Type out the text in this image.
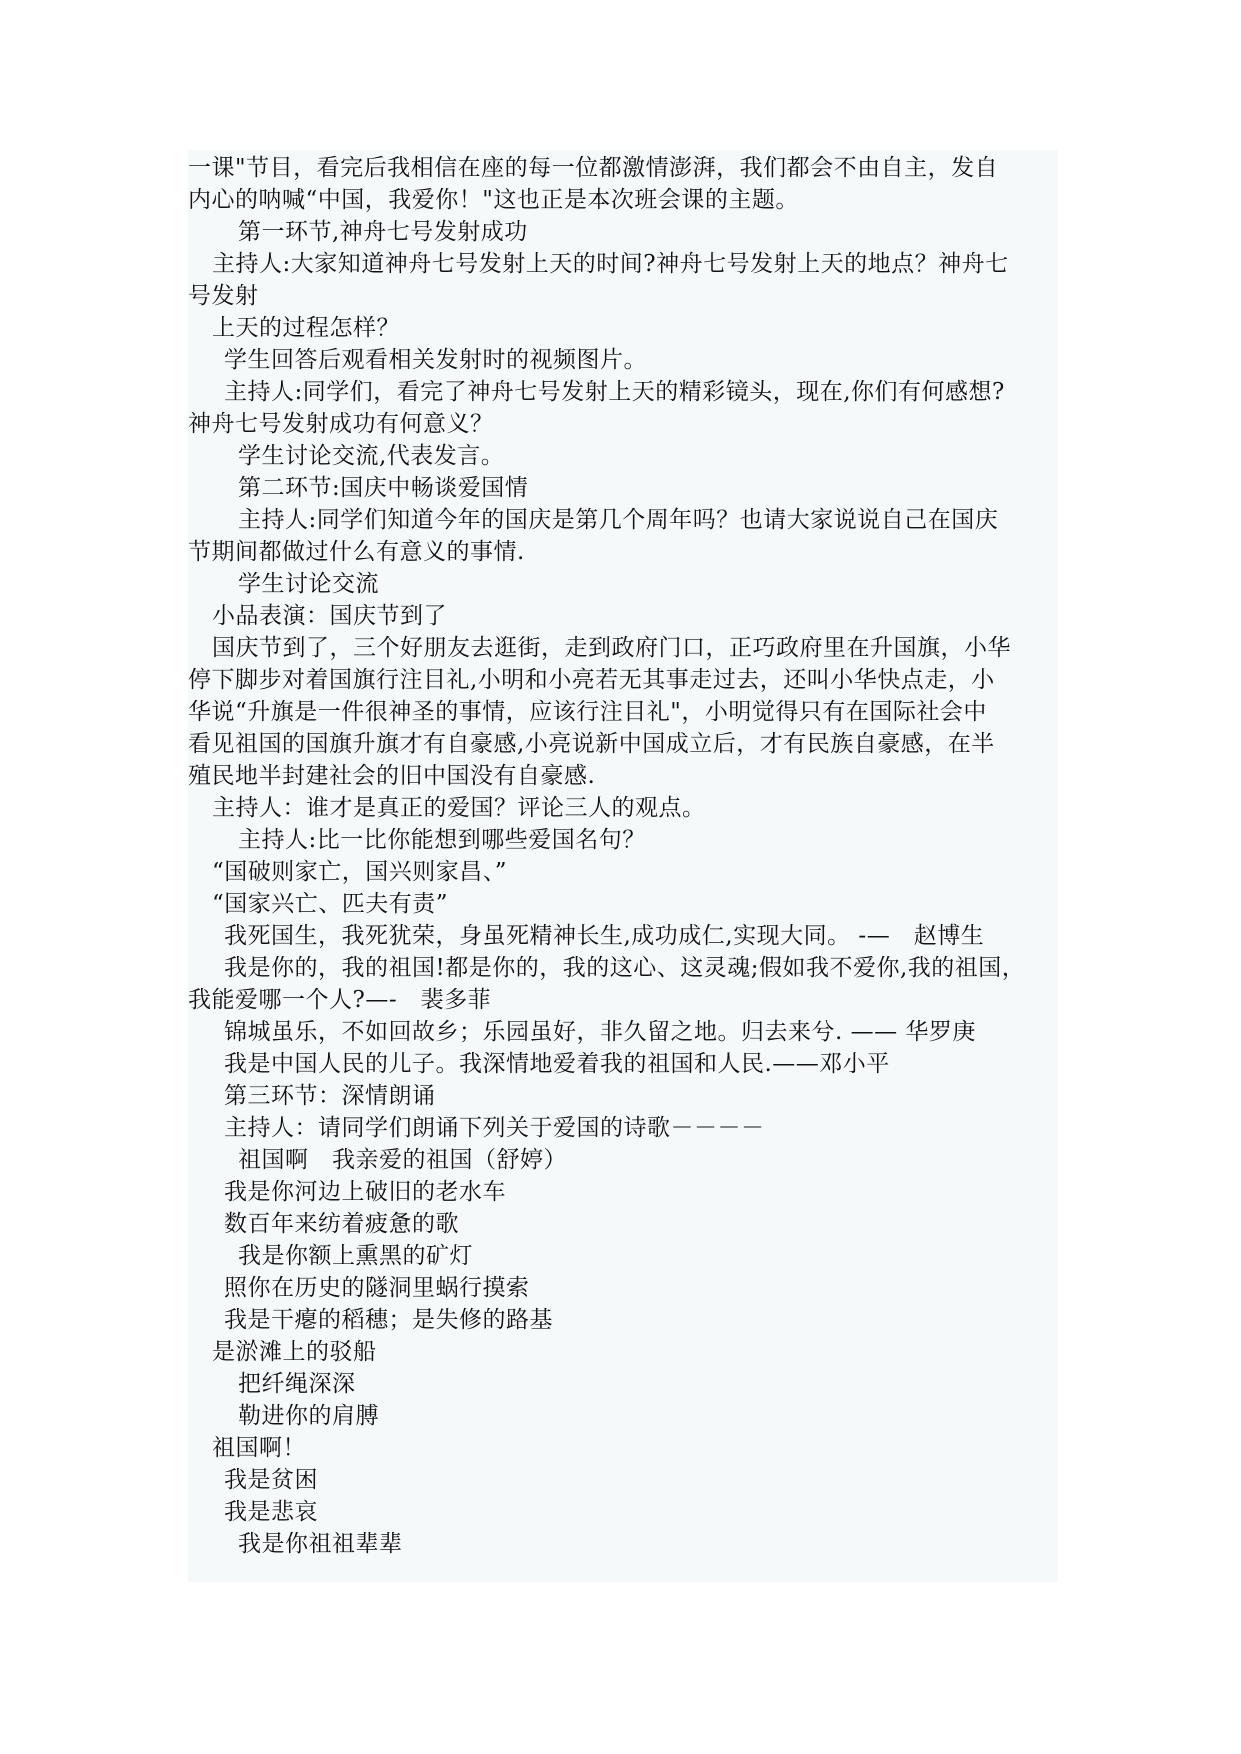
一课"节目，看完后我相信在座的每一位都激情澎湃，我们都会不由自主，发自
内心的呐喊“中国，我爱你！"这也正是本次班会课的主题。
第一环节,神舟七号发射成功
主持人:大家知道神舟七号发射上天的时间?神舟七号发射上天的地点？神舟七
号发射
上天的过程怎样？
学生回答后观看相关发射时的视频图片。
主持人:同学们，看完了神舟七号发射上天的精彩镜头，现在,你们有何感想?
神舟七号发射成功有何意义？
学生讨论交流,代表发言。
第二环节:国庆中畅谈爱国情
主持人:同学们知道今年的国庆是第几个周年吗？也请大家说说自己在国庆
节期间都做过什么有意义的事情.
学生讨论交流
小品表演：国庆节到了
国庆节到了，三个好朋友去逛街，走到政府门口，正巧政府里在升国旗，小华
停下脚步对着国旗行注目礼,小明和小亮若无其事走过去，还叫小华快点走，小
华说“升旗是一件很神圣的事情，应该行注目礼"，小明觉得只有在国际社会中
看见祖国的国旗升旗才有自豪感,小亮说新中国成立后，才有民族自豪感，在半
殖民地半封建社会的旧中国没有自豪感.
主持人：谁才是真正的爱国？评论三人的观点。
主持人:比一比你能想到哪些爱国名句？
“国破则家亡，国兴则家昌、”
“国家兴亡、匹夫有责”
我死国生，我死犹荣，身虽死精神长生,成功成仁,实现大同。 -—　赵博生
我是你的，我的祖国!都是你的，我的这心、这灵魂;假如我不爱你,我的祖国，
我能爱哪一个人?—-　裴多菲
锦城虽乐，不如回故乡；乐园虽好，非久留之地。归去来兮. —— 华罗庚
我是中国人民的儿子。我深情地爱着我的祖国和人民.——邓小平
第三环节：深情朗诵
主持人：请同学们朗诵下列关于爱国的诗歌－－－－
祖国啊　我亲爱的祖国（舒婷）
我是你河边上破旧的老水车
数百年来纺着疲惫的歌
我是你额上熏黑的矿灯
照你在历史的隧洞里蜗行摸索
我是干瘪的稻穗；是失修的路基
是淤滩上的驳船
把纤绳深深
勒进你的肩膊
祖国啊！
我是贫困
我是悲哀
我是你祖祖辈辈
